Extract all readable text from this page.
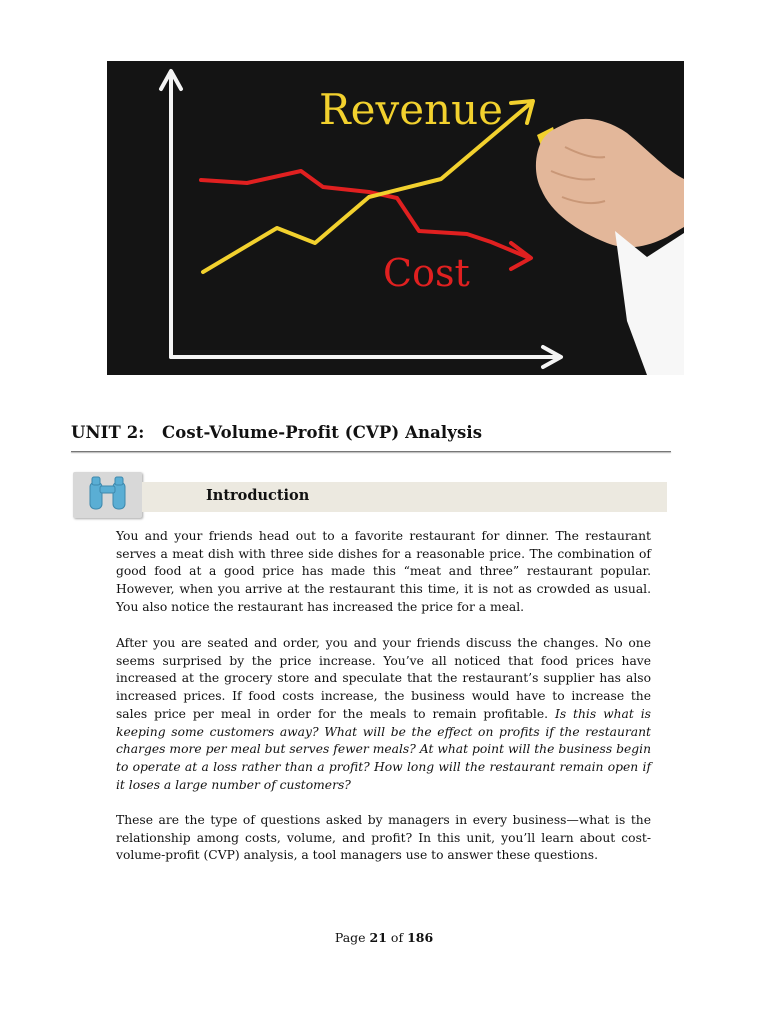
Revenue
Cost
UNIT 2: Cost-Volume-Profit (CVP) Analysis
Introduction

You and your friends head out to a favorite restaurant for dinner. The restaurant serves a meat dish with three side dishes for a reasonable price. The combination of good food at a good price has made this “meat and three” restaurant popular. However, when you arrive at the restaurant this time, it is not as crowded as usual. You also notice the restaurant has increased the price for a meal.

After you are seated and order, you and your friends discuss the changes. No one seems surprised by the price increase. You’ve all noticed that food prices have increased at the grocery store and speculate that the restaurant’s supplier has also increased prices. If food costs increase, the business would have to increase the sales price per meal in order for the meals to remain profitable. Is this what is keeping some customers away? What will be the effect on profits if the restaurant charges more per meal but serves fewer meals? At what point will the business begin to operate at a loss rather than a profit? How long will the restaurant remain open if it loses a large number of customers?

These are the type of questions asked by managers in every business—what is the relationship among costs, volume, and profit? In this unit, you’ll learn about cost-volume-profit (CVP) analysis, a tool managers use to answer these questions.

Page 21 of 186
